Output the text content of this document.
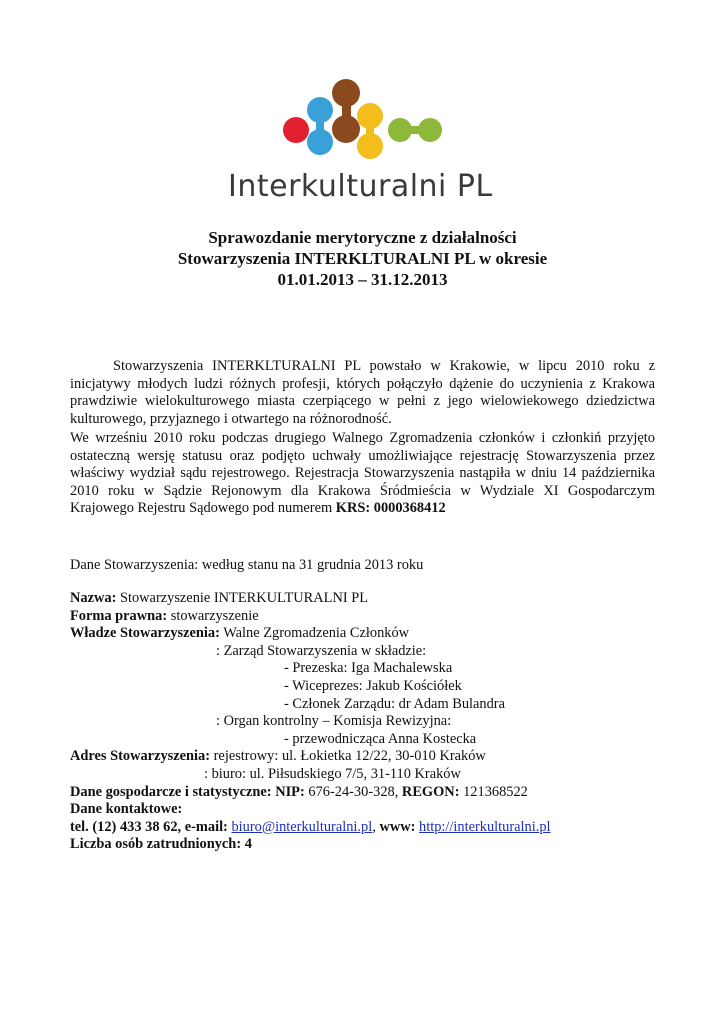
Interkulturalni PL
Sprawozdanie merytoryczne z działalności
Stowarzyszenia INTERKLTURALNI PL w okresie
01.01.2013 – 31.12.2013
Stowarzyszenia INTERKLTURALNI PL powstało w Krakowie, w lipcu 2010 roku z inicjatywy młodych ludzi różnych profesji, których połączyło dążenie do uczynienia z Krakowa prawdziwie wielokulturowego miasta czerpiącego w pełni z jego wielowiekowego dziedzictwa kulturowego, przyjaznego i otwartego na różnorodność.
We wrześniu 2010 roku podczas drugiego Walnego Zgromadzenia członków i członkiń przyjęto ostateczną wersję statusu oraz podjęto uchwały umożliwiające rejestrację Stowarzyszenia przez właściwy wydział sądu rejestrowego. Rejestracja Stowarzyszenia nastąpiła w dniu 14 października 2010 roku w Sądzie Rejonowym dla Krakowa Śródmieścia w Wydziale XI Gospodarczym Krajowego Rejestru Sądowego pod numerem KRS: 0000368412
Dane Stowarzyszenia: według stanu na 31 grudnia 2013 roku
Nazwa: Stowarzyszenie INTERKULTURALNI PL
Forma prawna: stowarzyszenie
Władze Stowarzyszenia: Walne Zgromadzenia Członków
: Zarząd Stowarzyszenia w składzie:
- Prezeska: Iga Machalewska
- Wiceprezes: Jakub Kościółek
- Członek Zarządu: dr Adam Bulandra
: Organ kontrolny – Komisja Rewizyjna:
- przewodnicząca Anna Kostecka
Adres Stowarzyszenia: rejestrowy: ul. Łokietka 12/22, 30-010 Kraków
: biuro: ul. Piłsudskiego 7/5, 31-110 Kraków
Dane gospodarcze i statystyczne: NIP: 676-24-30-328, REGON: 121368522
Dane kontaktowe:
tel. (12) 433 38 62, e-mail: biuro@interkulturalni.pl, www: http://interkulturalni.pl
Liczba osób zatrudnionych: 4
